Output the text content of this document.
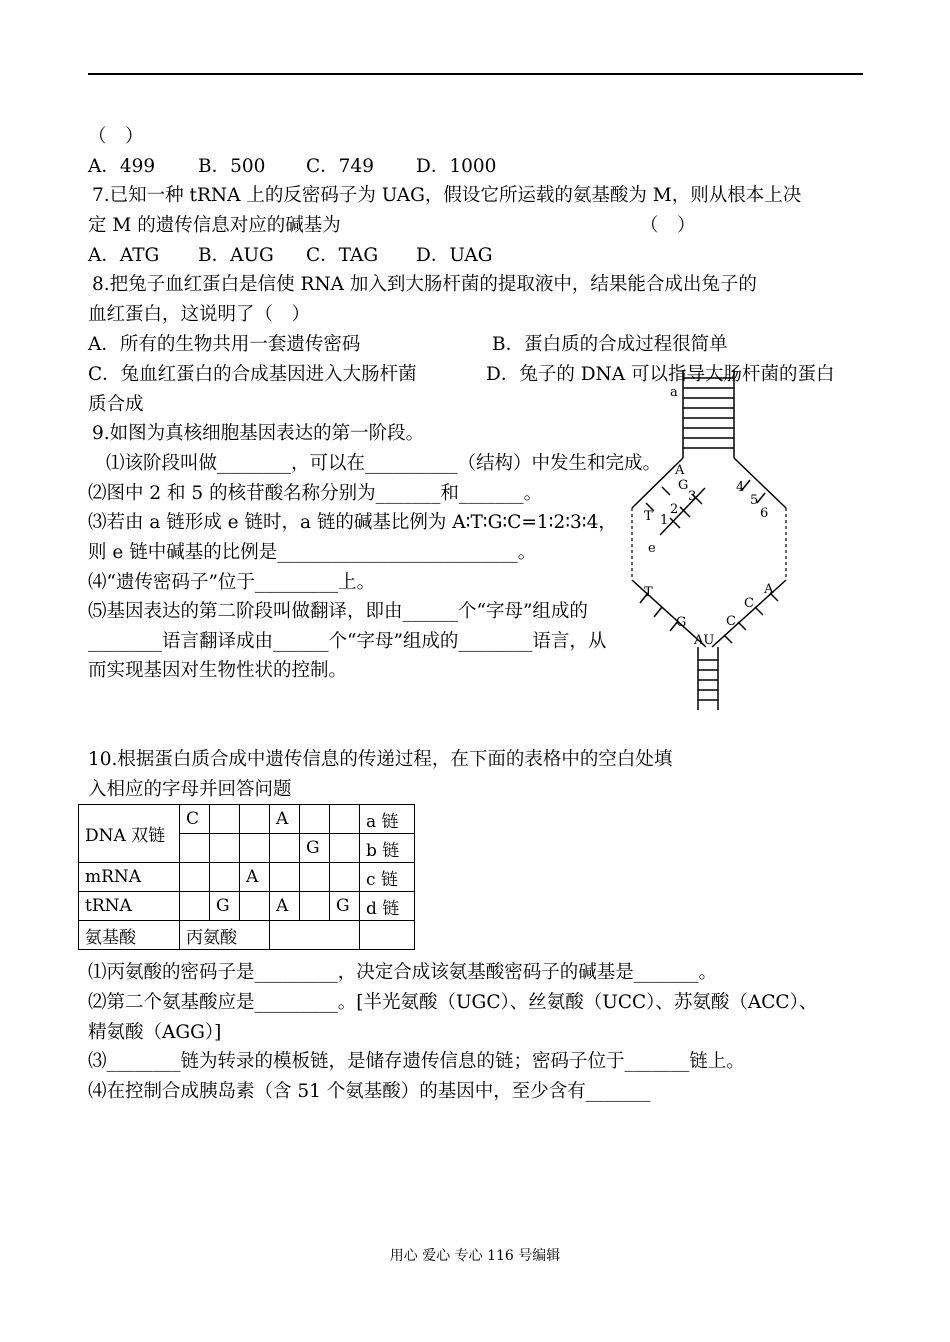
（　）
A．499 B．500 C．749 D．1000
7.已知一种 tRNA 上的反密码子为 UAG，假设它所运载的氨基酸为 M，则从根本上决
定 M 的遗传信息对应的碱基为	（　）
A．ATG B．AUG C．TAG D．UAG
8.把兔子血红蛋白是信使 RNA 加入到大肠杆菌的提取液中，结果能合成出兔子的
血红蛋白，这说明了（　）
A．所有的生物共用一套遗传密码	B．蛋白质的合成过程很简单
C．兔血红蛋白的合成基因进入大肠杆菌	D．兔子的 DNA 可以指导大肠杆菌的蛋白
质合成
9.如图为真核细胞基因表达的第一阶段。
⑴该阶段叫做________，可以在__________（结构）中发生和完成。
⑵图中 2 和 5 的核苷酸名称分别为_______和_______。
⑶若由 a 链形成 e 链时，a 链的碱基比例为 A∶T∶G∶C=1∶2∶3∶4，
则 e 链中碱基的比例是__________________________。
⑷“遗传密码子”位于_________上。
⑸基因表达的第二阶段叫做翻译，即由______个“字母”组成的
________语言翻译成由______个“字母”组成的________语言，从
而实现基因对生物性状的控制。
a
A
T
G
3
2
1
e
4
5
6
T
G
A
C
C
AU
10.根据蛋白质合成中遗传信息的传递过程，在下面的表格中的空白处填
入相应的字母并回答问题
DNA 双链	C			A			a 链
					G		b 链
mRNA			A				c 链
tRNA		G		A		G	d 链
氨基酸	丙氨酸						
⑴丙氨酸的密码子是_________，决定合成该氨基酸密码子的碱基是_______。
⑵第二个氨基酸应是_________。[半光氨酸（UGC）、丝氨酸（UCC）、苏氨酸（ACC）、
精氨酸（AGG）]
⑶________链为转录的模板链，是储存遗传信息的链；密码子位于_______链上。
⑷在控制合成胰岛素（含 51 个氨基酸）的基因中，至少含有_______
用心 爱心 专心 116 号编辑
